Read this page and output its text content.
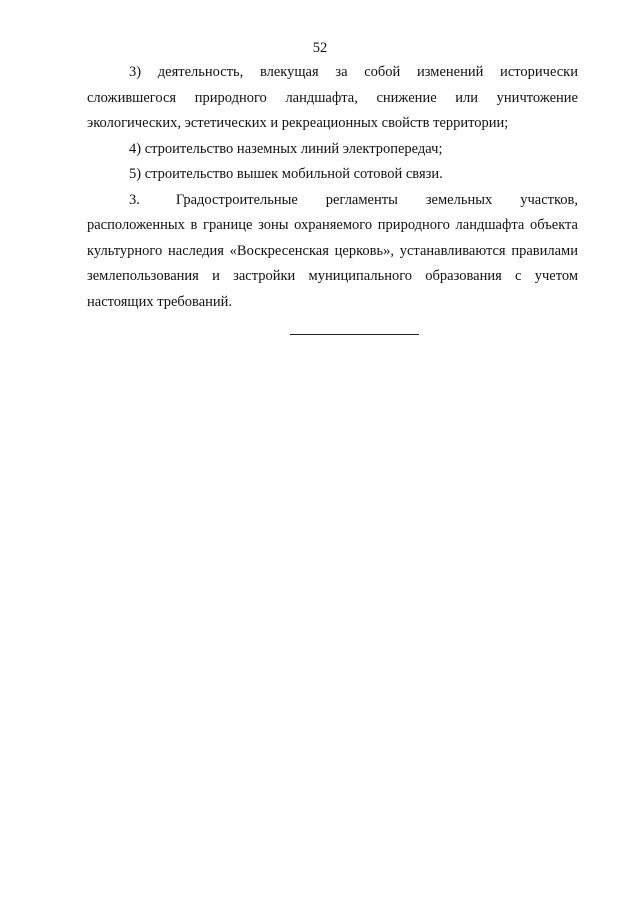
52

3) деятельность, влекущая за собой изменений исторически сложившегося природного ландшафта, снижение или уничтожение экологических, эстетических и рекреационных свойств территории;

4) строительство наземных линий электропередач;

5) строительство вышек мобильной сотовой связи.

3. Градостроительные регламенты земельных участков,

расположенных в границе зоны охраняемого природного ландшафта объекта культурного наследия «Воскресенская церковь», устанавливаются правилами землепользования и застройки муниципального образования с учетом настоящих требований.
